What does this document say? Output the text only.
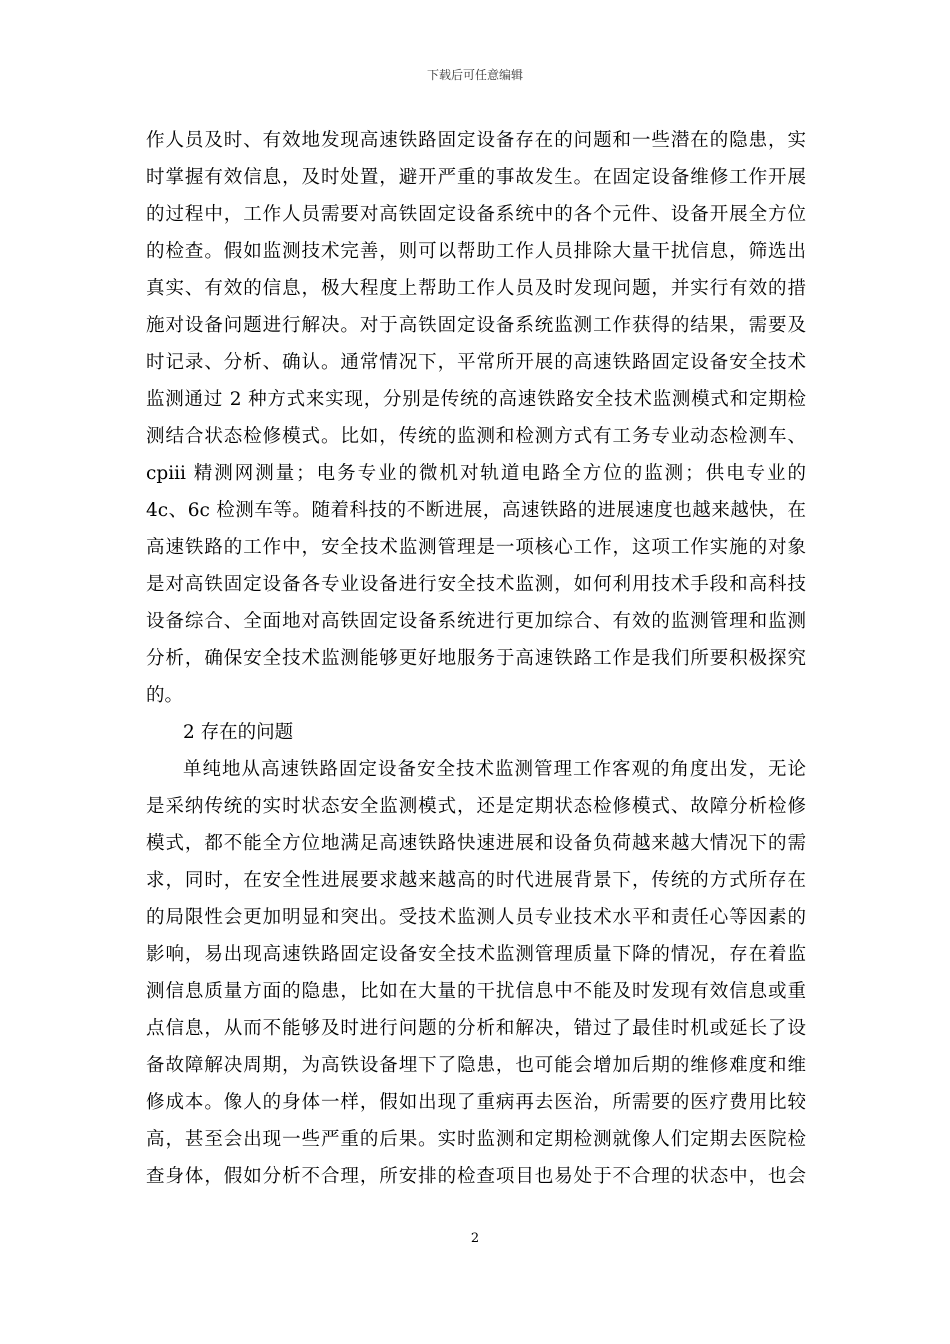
下载后可任意编辑
作人员及时、有效地发现高速铁路固定设备存在的问题和一些潜在的隐患，实
时掌握有效信息，及时处置，避开严重的事故发生。在固定设备维修工作开展
的过程中，工作人员需要对高铁固定设备系统中的各个元件、设备开展全方位
的检查。假如监测技术完善，则可以帮助工作人员排除大量干扰信息，筛选出
真实、有效的信息，极大程度上帮助工作人员及时发现问题，并实行有效的措
施对设备问题进行解决。对于高铁固定设备系统监测工作获得的结果，需要及
时记录、分析、确认。通常情况下，平常所开展的高速铁路固定设备安全技术
监测通过 2 种方式来实现，分别是传统的高速铁路安全技术监测模式和定期检
测结合状态检修模式。比如，传统的监测和检测方式有工务专业动态检测车、
cpiii 精测网测量；电务专业的微机对轨道电路全方位的监测；供电专业的
4c、6c 检测车等。随着科技的不断进展，高速铁路的进展速度也越来越快，在
高速铁路的工作中，安全技术监测管理是一项核心工作，这项工作实施的对象
是对高铁固定设备各专业设备进行安全技术监测，如何利用技术手段和高科技
设备综合、全面地对高铁固定设备系统进行更加综合、有效的监测管理和监测
分析，确保安全技术监测能够更好地服务于高速铁路工作是我们所要积极探究
的。
2 存在的问题
单纯地从高速铁路固定设备安全技术监测管理工作客观的角度出发，无论
是采纳传统的实时状态安全监测模式，还是定期状态检修模式、故障分析检修
模式，都不能全方位地满足高速铁路快速进展和设备负荷越来越大情况下的需
求，同时，在安全性进展要求越来越高的时代进展背景下，传统的方式所存在
的局限性会更加明显和突出。受技术监测人员专业技术水平和责任心等因素的
影响，易出现高速铁路固定设备安全技术监测管理质量下降的情况，存在着监
测信息质量方面的隐患，比如在大量的干扰信息中不能及时发现有效信息或重
点信息，从而不能够及时进行问题的分析和解决，错过了最佳时机或延长了设
备故障解决周期，为高铁设备埋下了隐患，也可能会增加后期的维修难度和维
修成本。像人的身体一样，假如出现了重病再去医治，所需要的医疗费用比较
高，甚至会出现一些严重的后果。实时监测和定期检测就像人们定期去医院检
查身体，假如分析不合理，所安排的检查项目也易处于不合理的状态中，也会
2
